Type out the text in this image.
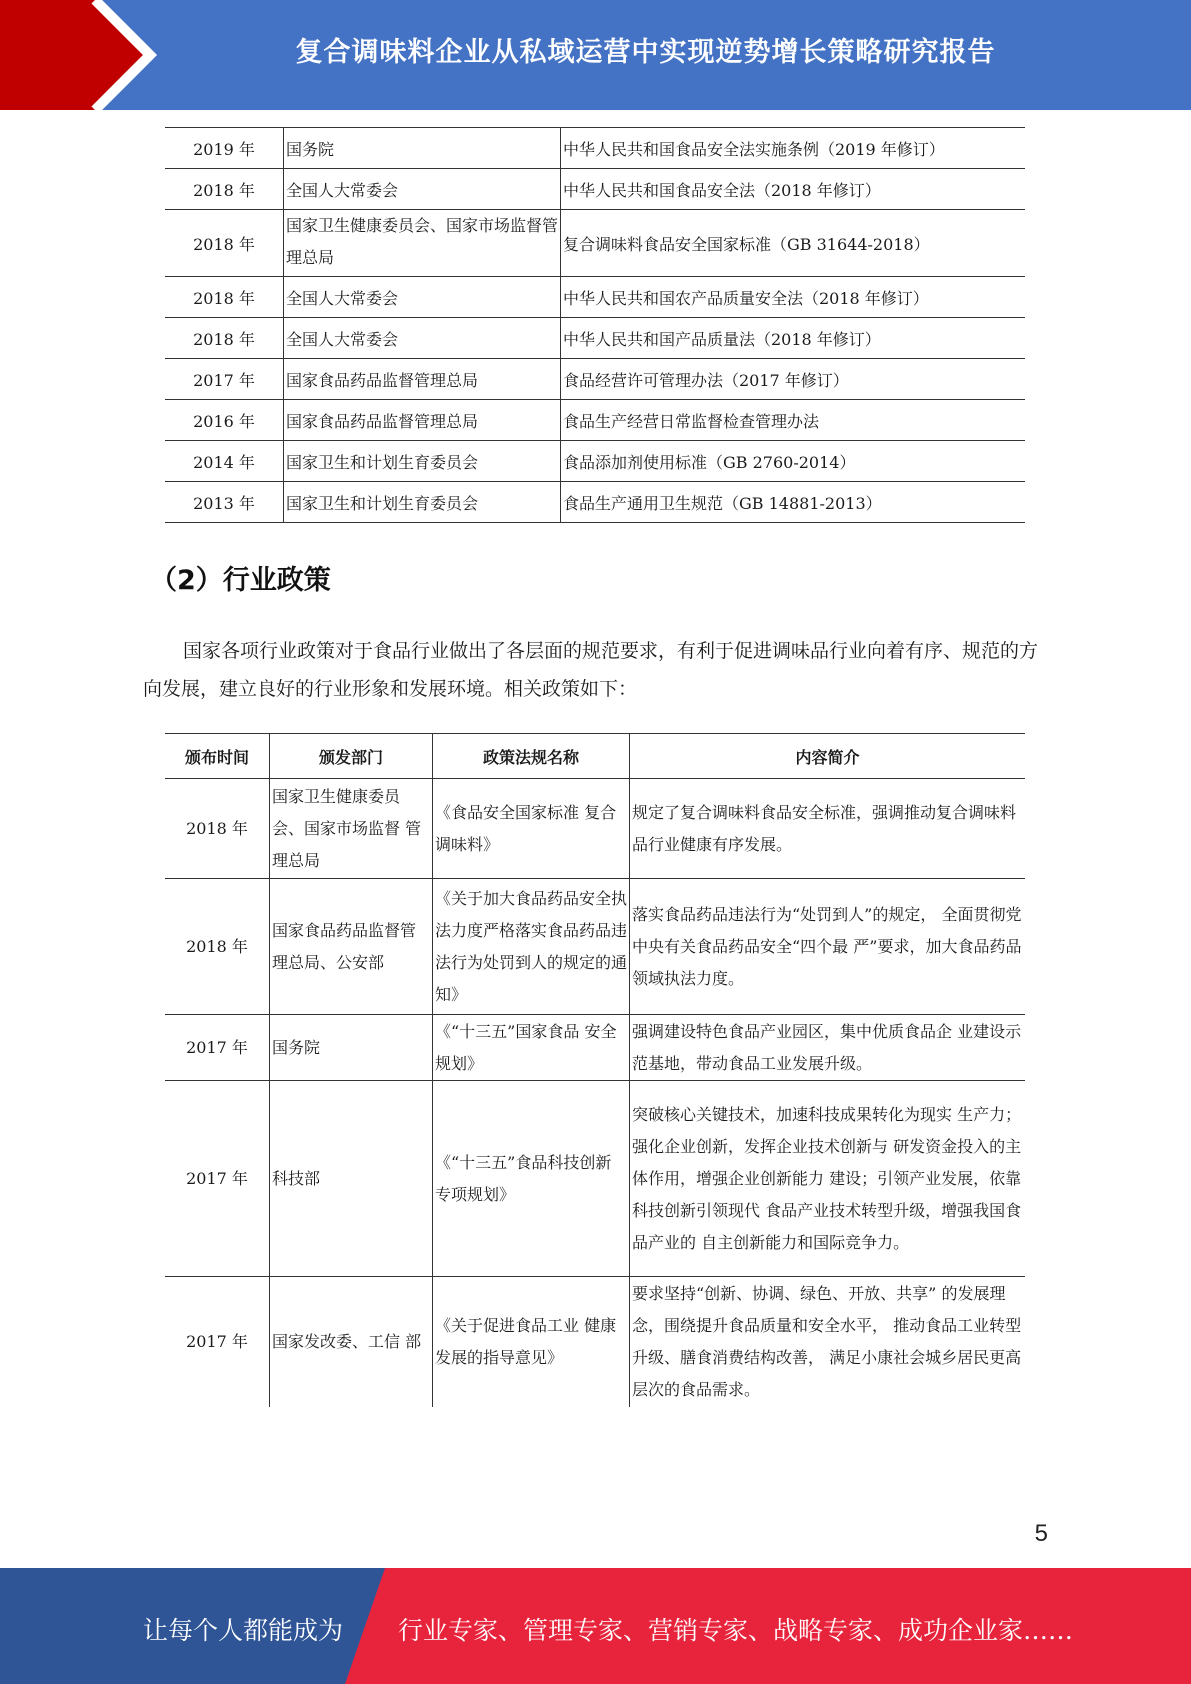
复合调味料企业从私域运营中实现逆势增长策略研究报告
2019 年	国务院	中华人民共和国食品安全法实施条例（2019 年修订）
2018 年	全国人大常委会	中华人民共和国食品安全法（2018 年修订）
2018 年	国家卫生健康委员会、国家市场监督管理总局	复合调味料食品安全国家标准（GB 31644-2018）
2018 年	全国人大常委会	中华人民共和国农产品质量安全法（2018 年修订）
2018 年	全国人大常委会	中华人民共和国产品质量法（2018 年修订）
2017 年	国家食品药品监督管理总局	食品经营许可管理办法（2017 年修订）
2016 年	国家食品药品监督管理总局	食品生产经营日常监督检查管理办法
2014 年	国家卫生和计划生育委员会	食品添加剂使用标准（GB 2760-2014）
2013 年	国家卫生和计划生育委员会	食品生产通用卫生规范（GB 14881-2013）
（2）行业政策
国家各项行业政策对于食品行业做出了各层面的规范要求，有利于促进调味品行业向着有序、规范的方向发展，建立良好的行业形象和发展环境。相关政策如下：
颁布时间	颁发部门	政策法规名称	内容简介
2018 年	国家卫生健康委员会、国家市场监督 管理总局	《食品安全国家标准 复合调味料》	规定了复合调味料食品安全标准，强调推动复合调味料品行业健康有序发展。
2018 年	国家食品药品监督管理总局、公安部	《关于加大食品药品安全执法力度严格落实食品药品违法行为处罚到人的规定的通知》	落实食品药品违法行为“处罚到人”的规定， 全面贯彻党中央有关食品药品安全“四个最 严”要求，加大食品药品领域执法力度。
2017 年	国务院	《“十三五”国家食品 安全规划》	强调建设特色食品产业园区，集中优质食品企 业建设示范基地，带动食品工业发展升级。
2017 年	科技部	《“十三五”食品科技创新专项规划》	突破核心关键技术，加速科技成果转化为现实 生产力；强化企业创新，发挥企业技术创新与 研发资金投入的主体作用，增强企业创新能力 建设；引领产业发展，依靠科技创新引领现代 食品产业技术转型升级，增强我国食品产业的 自主创新能力和国际竞争力。
2017 年	国家发改委、工信 部	《关于促进食品工业 健康发展的指导意见》	要求坚持“创新、协调、绿色、开放、共享” 的发展理念，围绕提升食品质量和安全水平， 推动食品工业转型升级、膳食消费结构改善， 满足小康社会城乡居民更高层次的食品需求。
5
让每个人都能成为 行业专家、管理专家、营销专家、战略专家、成功企业家……
